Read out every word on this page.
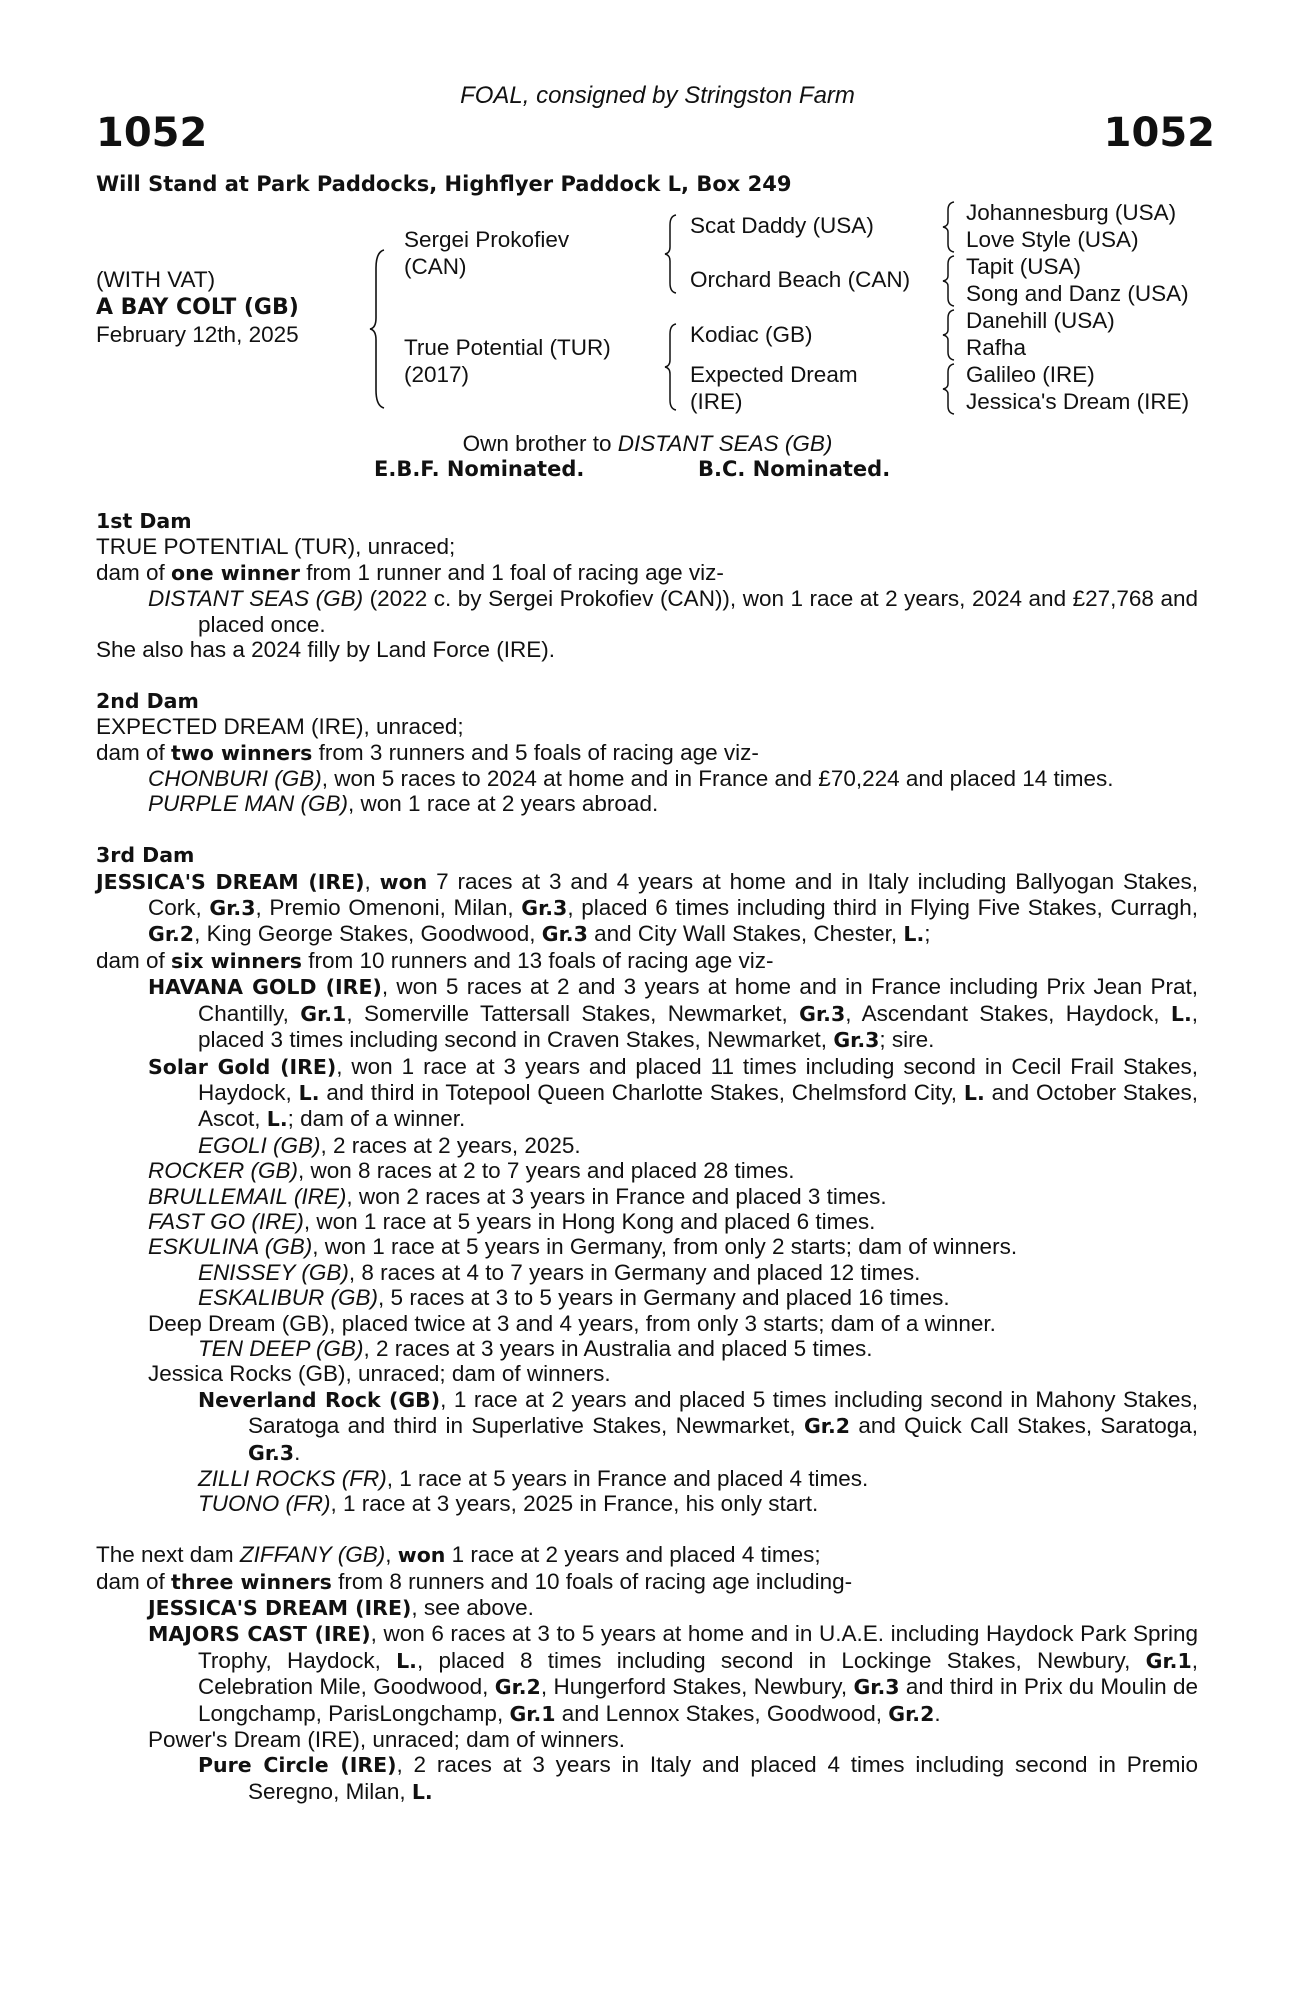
FOAL, consigned by Stringston Farm
1052	1052
Will Stand at Park Paddocks, Highflyer Paddock L, Box 249
(WITH VAT)
A BAY COLT (GB)
February 12th, 2025
Sergei Prokofiev
(CAN)
True Potential (TUR)
(2017)
Scat Daddy (USA)
Orchard Beach (CAN)
Kodiac (GB)
Expected Dream
(IRE)
Johannesburg (USA)
Love Style (USA)
Tapit (USA)
Song and Danz (USA)
Danehill (USA)
Rafha
Galileo (IRE)
Jessica's Dream (IRE)
Own brother to DISTANT SEAS (GB)
E.B.F. Nominated.	B.C. Nominated.
1st Dam
TRUE POTENTIAL (TUR), unraced;
dam of one winner from 1 runner and 1 foal of racing age viz-
DISTANT SEAS (GB) (2022 c. by Sergei Prokofiev (CAN)), won 1 race at 2 years, 2024 and £27,768 and placed once.
She also has a 2024 filly by Land Force (IRE).
2nd Dam
EXPECTED DREAM (IRE), unraced;
dam of two winners from 3 runners and 5 foals of racing age viz-
CHONBURI (GB), won 5 races to 2024 at home and in France and £70,224 and placed 14 times.
PURPLE MAN (GB), won 1 race at 2 years abroad.
3rd Dam
JESSICA'S DREAM (IRE), won 7 races at 3 and 4 years at home and in Italy including Ballyogan Stakes, Cork, Gr.3, Premio Omenoni, Milan, Gr.3, placed 6 times including third in Flying Five Stakes, Curragh, Gr.2, King George Stakes, Goodwood, Gr.3 and City Wall Stakes, Chester, L.;
dam of six winners from 10 runners and 13 foals of racing age viz-
HAVANA GOLD (IRE), won 5 races at 2 and 3 years at home and in France including Prix Jean Prat, Chantilly, Gr.1, Somerville Tattersall Stakes, Newmarket, Gr.3, Ascendant Stakes, Haydock, L., placed 3 times including second in Craven Stakes, Newmarket, Gr.3; sire.
Solar Gold (IRE), won 1 race at 3 years and placed 11 times including second in Cecil Frail Stakes, Haydock, L. and third in Totepool Queen Charlotte Stakes, Chelmsford City, L. and October Stakes, Ascot, L.; dam of a winner.
EGOLI (GB), 2 races at 2 years, 2025.
ROCKER (GB), won 8 races at 2 to 7 years and placed 28 times.
BRULLEMAIL (IRE), won 2 races at 3 years in France and placed 3 times.
FAST GO (IRE), won 1 race at 5 years in Hong Kong and placed 6 times.
ESKULINA (GB), won 1 race at 5 years in Germany, from only 2 starts; dam of winners.
ENISSEY (GB), 8 races at 4 to 7 years in Germany and placed 12 times.
ESKALIBUR (GB), 5 races at 3 to 5 years in Germany and placed 16 times.
Deep Dream (GB), placed twice at 3 and 4 years, from only 3 starts; dam of a winner.
TEN DEEP (GB), 2 races at 3 years in Australia and placed 5 times.
Jessica Rocks (GB), unraced; dam of winners.
Neverland Rock (GB), 1 race at 2 years and placed 5 times including second in Mahony Stakes, Saratoga and third in Superlative Stakes, Newmarket, Gr.2 and Quick Call Stakes, Saratoga, Gr.3.
ZILLI ROCKS (FR), 1 race at 5 years in France and placed 4 times.
TUONO (FR), 1 race at 3 years, 2025 in France, his only start.
The next dam ZIFFANY (GB), won 1 race at 2 years and placed 4 times;
dam of three winners from 8 runners and 10 foals of racing age including-
JESSICA'S DREAM (IRE), see above.
MAJORS CAST (IRE), won 6 races at 3 to 5 years at home and in U.A.E. including Haydock Park Spring Trophy, Haydock, L., placed 8 times including second in Lockinge Stakes, Newbury, Gr.1, Celebration Mile, Goodwood, Gr.2, Hungerford Stakes, Newbury, Gr.3 and third in Prix du Moulin de Longchamp, ParisLongchamp, Gr.1 and Lennox Stakes, Goodwood, Gr.2.
Power's Dream (IRE), unraced; dam of winners.
Pure Circle (IRE), 2 races at 3 years in Italy and placed 4 times including second in Premio Seregno, Milan, L.
